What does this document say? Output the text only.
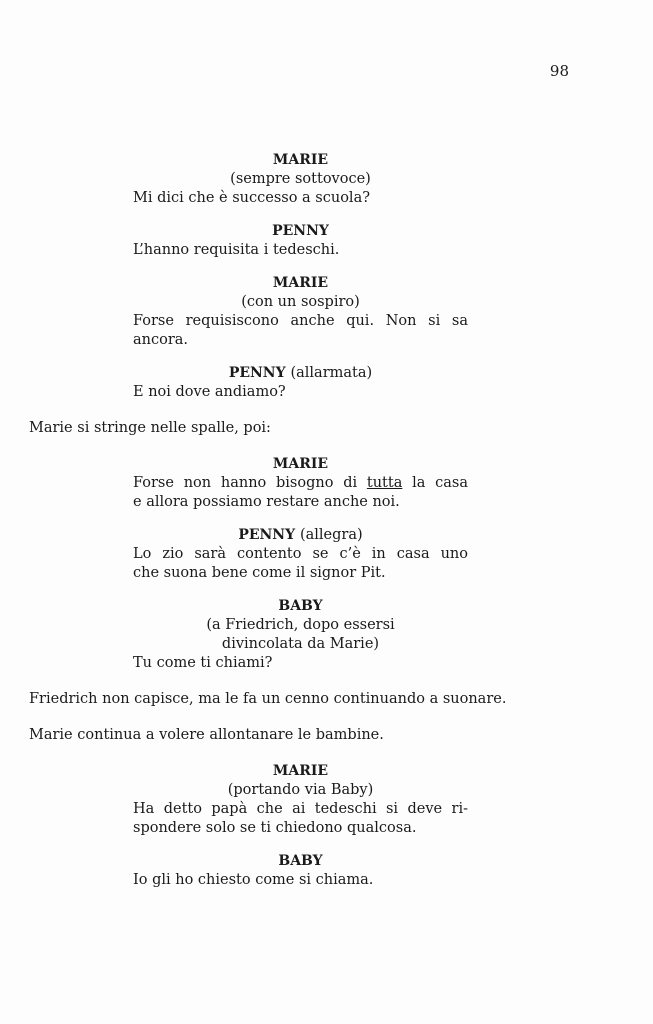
98
MARIE
(sempre sottovoce)
Mi dici che è successo a scuola?
PENNY
L’hanno requisita i tedeschi.
MARIE
(con un sospiro)
Forse requisiscono anche qui. Non si sa
ancora.
PENNY (allarmata)
E noi dove andiamo?
Marie si stringe nelle spalle, poi:
MARIE
Forse non hanno bisogno di tutta la casa
e allora possiamo restare anche noi.
PENNY (allegra)
Lo zio sarà contento se c’è in casa uno
che suona bene come il signor Pit.
BABY
(a Friedrich, dopo essersi
divincolata da Marie)
Tu come ti chiami?
Friedrich non capisce, ma le fa un cenno continuando a suonare.
Marie continua a volere allontanare le bambine.
MARIE
(portando via Baby)
Ha detto papà che ai tedeschi si deve ri-
spondere solo se ti chiedono qualcosa.
BABY
Io gli ho chiesto come si chiama.
